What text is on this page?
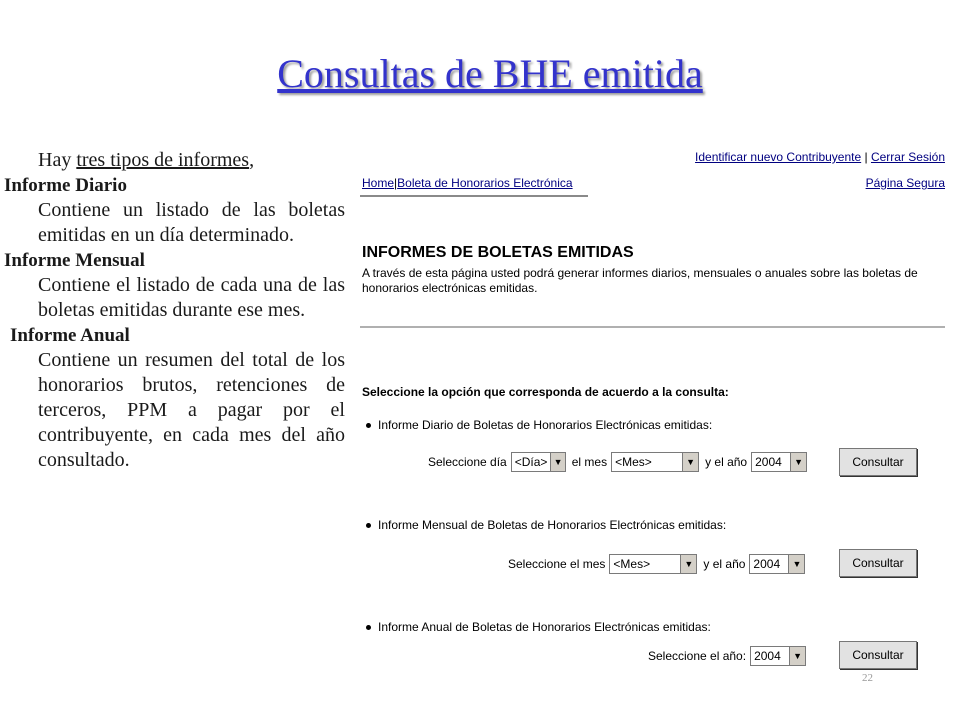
Consultas de BHE emitida

Hay tres tipos de informes,

Informe Diario

Contiene un listado de las boletas emitidas en un día determinado.

Informe Mensual

Contiene el listado de cada una de las boletas emitidas durante ese mes.

Informe Anual

Contiene un resumen del total de los honorarios brutos, retenciones de terceros, PPM a pagar por el contribuyente, en cada mes del año consultado.

Identificar nuevo Contribuyente | Cerrar Sesión
Home|Boleta de Honorarios Electrónica	Página Segura
INFORMES DE BOLETAS EMITIDAS

A través de esta página usted podrá generar informes diarios, mensuales o anuales sobre las boletas de honorarios electrónicas emitidas.

Seleccione la opción que corresponda de acuerdo a la consulta:

Informe Diario de Boletas de Honorarios Electrónicas emitidas:

Seleccione día <Día> ▼ el mes <Mes>	▼ y el año 2004	▼	Consultar

Informe Mensual de Boletas de Honorarios Electrónicas emitidas:

Seleccione el mes <Mes>	▼ y el año 2004	▼	Consultar

Informe Anual de Boletas de Honorarios Electrónicas emitidas:

Seleccione el año: 2004	▼	Consultar
22
